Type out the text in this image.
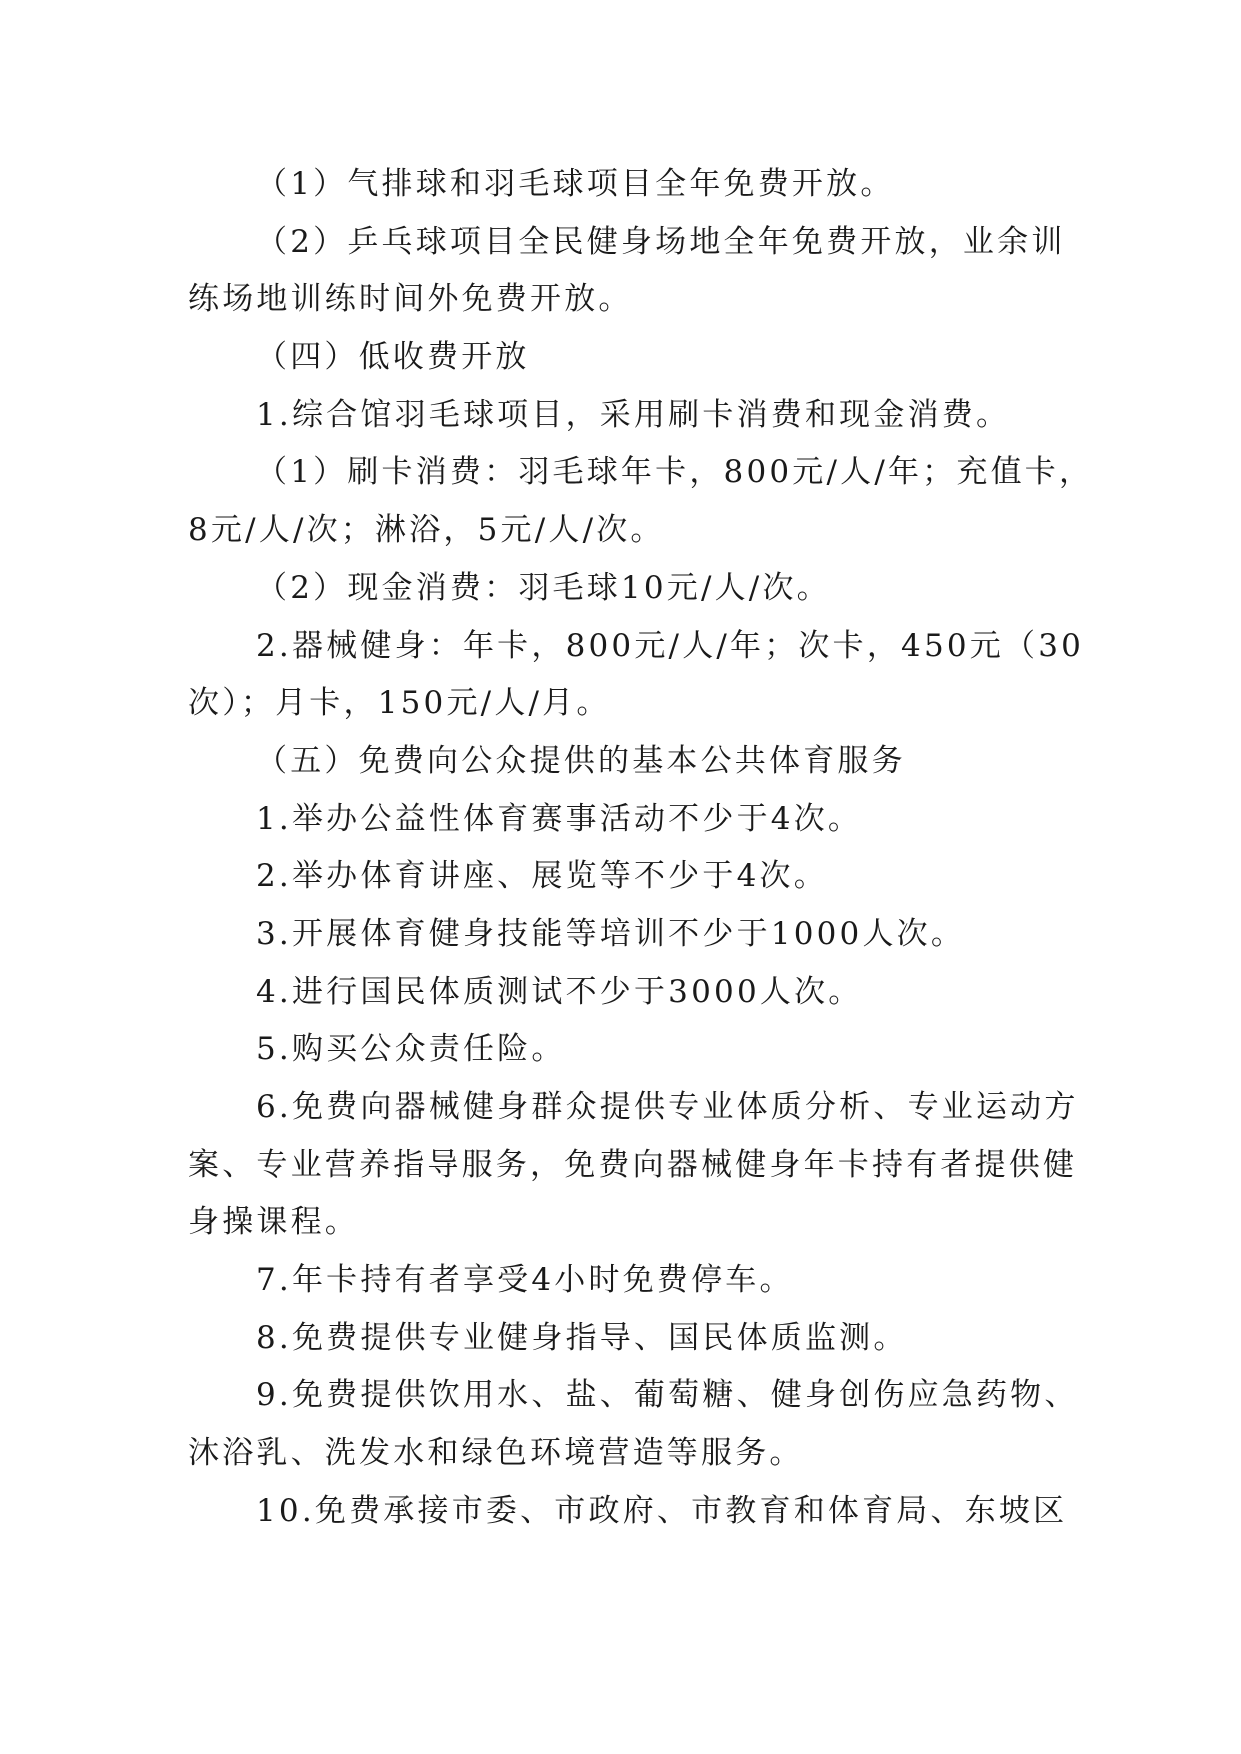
（1）气排球和羽毛球项目全年免费开放。
（2）乒乓球项目全民健身场地全年免费开放，业余训
练场地训练时间外免费开放。
（四）低收费开放
1.综合馆羽毛球项目，采用刷卡消费和现金消费。
（1）刷卡消费：羽毛球年卡，800元/人/年；充值卡，
8元/人/次；淋浴，5元/人/次。
（2）现金消费：羽毛球10元/人/次。
2.器械健身：年卡，800元/人/年；次卡，450元（30
次）；月卡，150元/人/月。
（五）免费向公众提供的基本公共体育服务
1.举办公益性体育赛事活动不少于4次。
2.举办体育讲座、展览等不少于4次。
3.开展体育健身技能等培训不少于1000人次。
4.进行国民体质测试不少于3000人次。
5.购买公众责任险。
6.免费向器械健身群众提供专业体质分析、专业运动方
案、专业营养指导服务，免费向器械健身年卡持有者提供健
身操课程。
7.年卡持有者享受4小时免费停车。
8.免费提供专业健身指导、国民体质监测。
9.免费提供饮用水、盐、葡萄糖、健身创伤应急药物、
沐浴乳、洗发水和绿色环境营造等服务。
10.免费承接市委、市政府、市教育和体育局、东坡区
